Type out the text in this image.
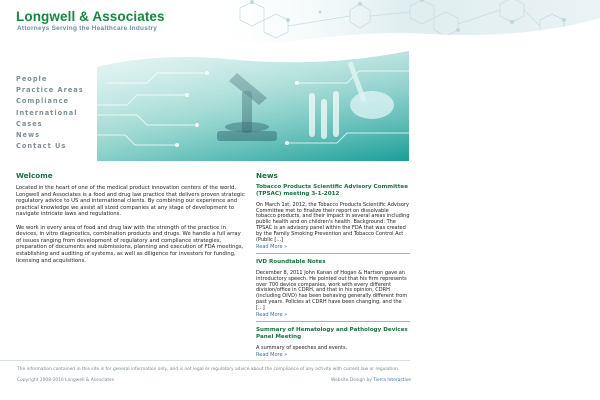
Longwell & Associates
Attorneys Serving the Healthcare Industry
People
Practice Areas
Compliance
International
Cases
News
Contact Us
Welcome

Located in the heart of one of the medical product innovation centers of the world, Longwell and Associates is a food and drug law practice that delivers proven strategic regulatory advice to US and international clients. By combining our experience and practical knowledge we assist all sized companies at any stage of development to navigate intricate laws and regulations.

We work in every area of food and drug law with the strength of the practice in devices, in vitro diagnostics, combination products and drugs. We handle a full array of issues ranging from development of regulatory and compliance strategies, preparation of documents and submissions, planning and execution of FDA meetings, establishing and auditing of systems, as well as diligence for investors for funding, licensing and acquisitions.

News
Tobacco Products Scientific Advisory Committee (TPSAC) meeting 3-1-2012
On March 1st, 2012, the Tobacco Products Scientific Advisory Committee met to finalize their report on dissolvable tobacco products, and their impact in several areas including public health and on children's health. Background: The TPSAC is an advisory panel within the FDA that was created by the Family Smoking Prevention and Tobacco Control Act (Public [...]
Read More »
IVD Roundtable Notes
December 8, 2011 John Kanan of Hogan & Hartson gave an introductory speech. He pointed out that his firm represents over 700 device companies, work with every different division/office in CDRH, and that in his opinion, CDRH (including OIVD) has been behaving generally different from past years. Policies at CDRH have been changing, and the [...]
Read More »
Summary of Hematology and Pathology Devices Panel Meeting
A summary of speeches and events.
Read More »
The information contained in this site is for general information only, and is not legal or regulatory advice about the compliance of any activity with current law or regulation.
Copyright 2008-2016 Longwell & Associates	Website Design by Tierra Interactive
